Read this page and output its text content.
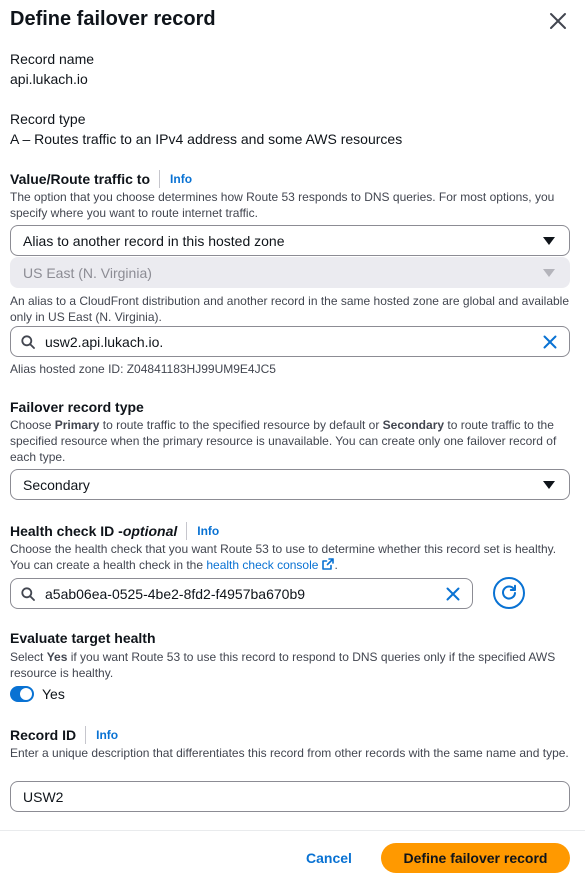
Define failover record
Record name
api.lukach.io
Record type
A – Routes traffic to an IPv4 address and some AWS resources
Value/Route traffic to Info
The option that you choose determines how Route 53 responds to DNS queries. For most options, you specify where you want to route internet traffic.
Alias to another record in this hosted zone
US East (N. Virginia)
An alias to a CloudFront distribution and another record in the same hosted zone are global and available only in US East (N. Virginia).
usw2.api.lukach.io.
Alias hosted zone ID: Z04841183HJ99UM9E4JC5
Failover record type
Choose Primary to route traffic to the specified resource by default or Secondary to route traffic to the specified resource when the primary resource is unavailable. You can create only one failover record of each type.
Secondary
Health check ID - optional Info
Choose the health check that you want Route 53 to use to determine whether this record set is healthy. You can create a health check in the health check console .
a5ab06ea-0525-4be2-8fd2-f4957ba670b9
Evaluate target health
Select Yes if you want Route 53 to use this record to respond to DNS queries only if the specified AWS resource is healthy.
Yes
Record ID Info
Enter a unique description that differentiates this record from other records with the same name and type.
USW2
Cancel	Define failover record
